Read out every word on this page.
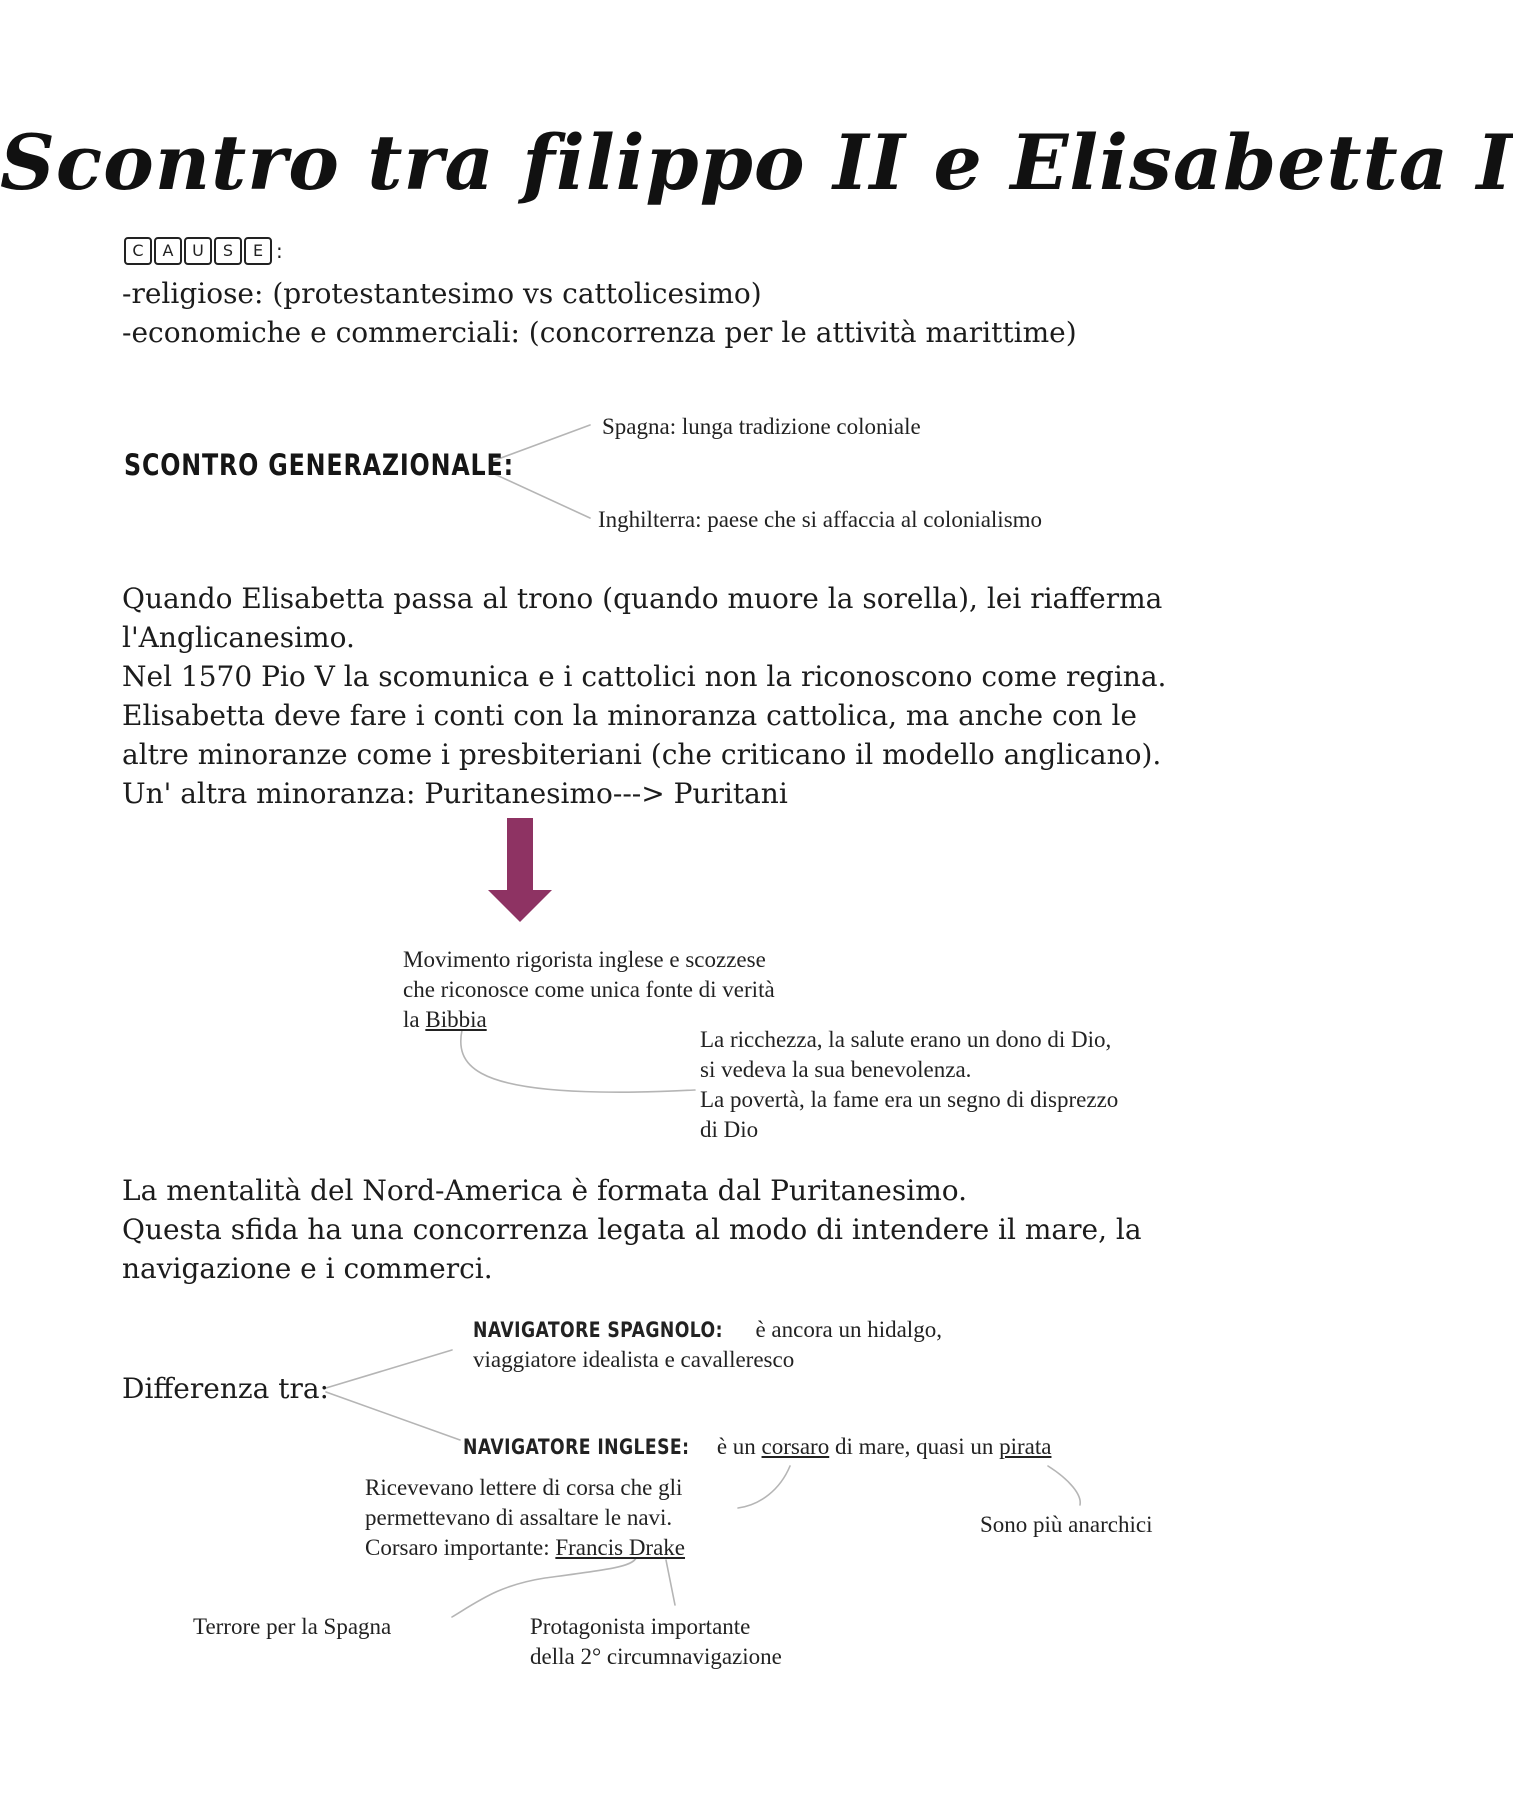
Scontro tra filippo II e Elisabetta I
C	A	U	S	E :

-religiose: (protestantesimo vs cattolicesimo)

-economiche e commerciali: (concorrenza per le attività marittime)

SCONTRO GENERAZIONALE:

Spagna: lunga tradizione coloniale

Inghilterra: paese che si affaccia al colonialismo

Quando Elisabetta passa al trono (quando muore la sorella), lei riafferma
l'Anglicanesimo.
Nel 1570 Pio V la scomunica e i cattolici non la riconoscono come regina.
Elisabetta deve fare i conti con la minoranza cattolica, ma anche con le
altre minoranze come i presbiteriani (che criticano il modello anglicano).
Un' altra minoranza: Puritanesimo---> Puritani
Movimento rigorista inglese e scozzese
che riconosce come unica fonte di verità
la Bibbia
La ricchezza, la salute erano un dono di Dio,
si vedeva la sua benevolenza.
La povertà, la fame era un segno di disprezzo
di Dio
La mentalità del Nord-America è formata dal Puritanesimo.
Questa sfida ha una concorrenza legata al modo di intendere il mare, la
navigazione e i commerci.

Differenza tra:

NAVIGATORE SPAGNOLO: è ancora un hidalgo,
viaggiatore idealista e cavalleresco
NAVIGATORE INGLESE: è un corsaro di mare, quasi un pirata
Ricevevano lettere di corsa che gli
permettevano di assaltare le navi.
Corsaro importante: Francis Drake

Sono più anarchici

Terrore per la Spagna	Protagonista importante
della 2° circumnavigazione
